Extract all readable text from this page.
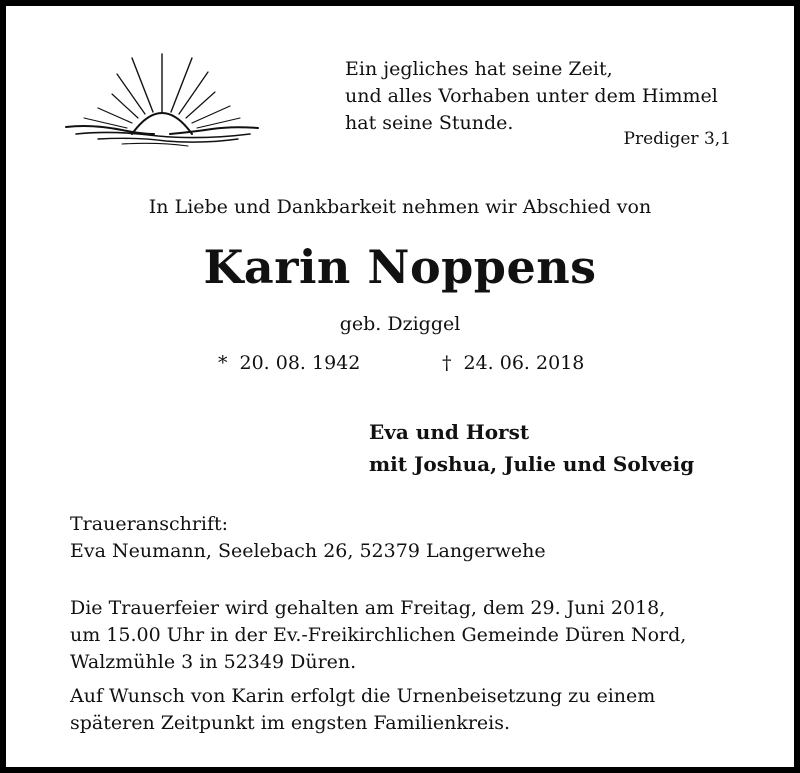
Ein jegliches hat seine Zeit,
und alles Vorhaben unter dem Himmel
hat seine Stunde.
Prediger 3,1
In Liebe und Dankbarkeit nehmen wir Abschied von
Karin Noppens
geb. Dziggel
* 20. 08. 1942	† 24. 06. 2018
Eva und Horst
mit Joshua, Julie und Solveig
Traueranschrift:
Eva Neumann, Seelebach 26, 52379 Langerwehe
Die Trauerfeier wird gehalten am Freitag, dem 29. Juni 2018,
um 15.00 Uhr in der Ev.-Freikirchlichen Gemeinde Düren Nord,
Walzmühle 3 in 52349 Düren.
Auf Wunsch von Karin erfolgt die Urnenbeisetzung zu einem
späteren Zeitpunkt im engsten Familienkreis.
